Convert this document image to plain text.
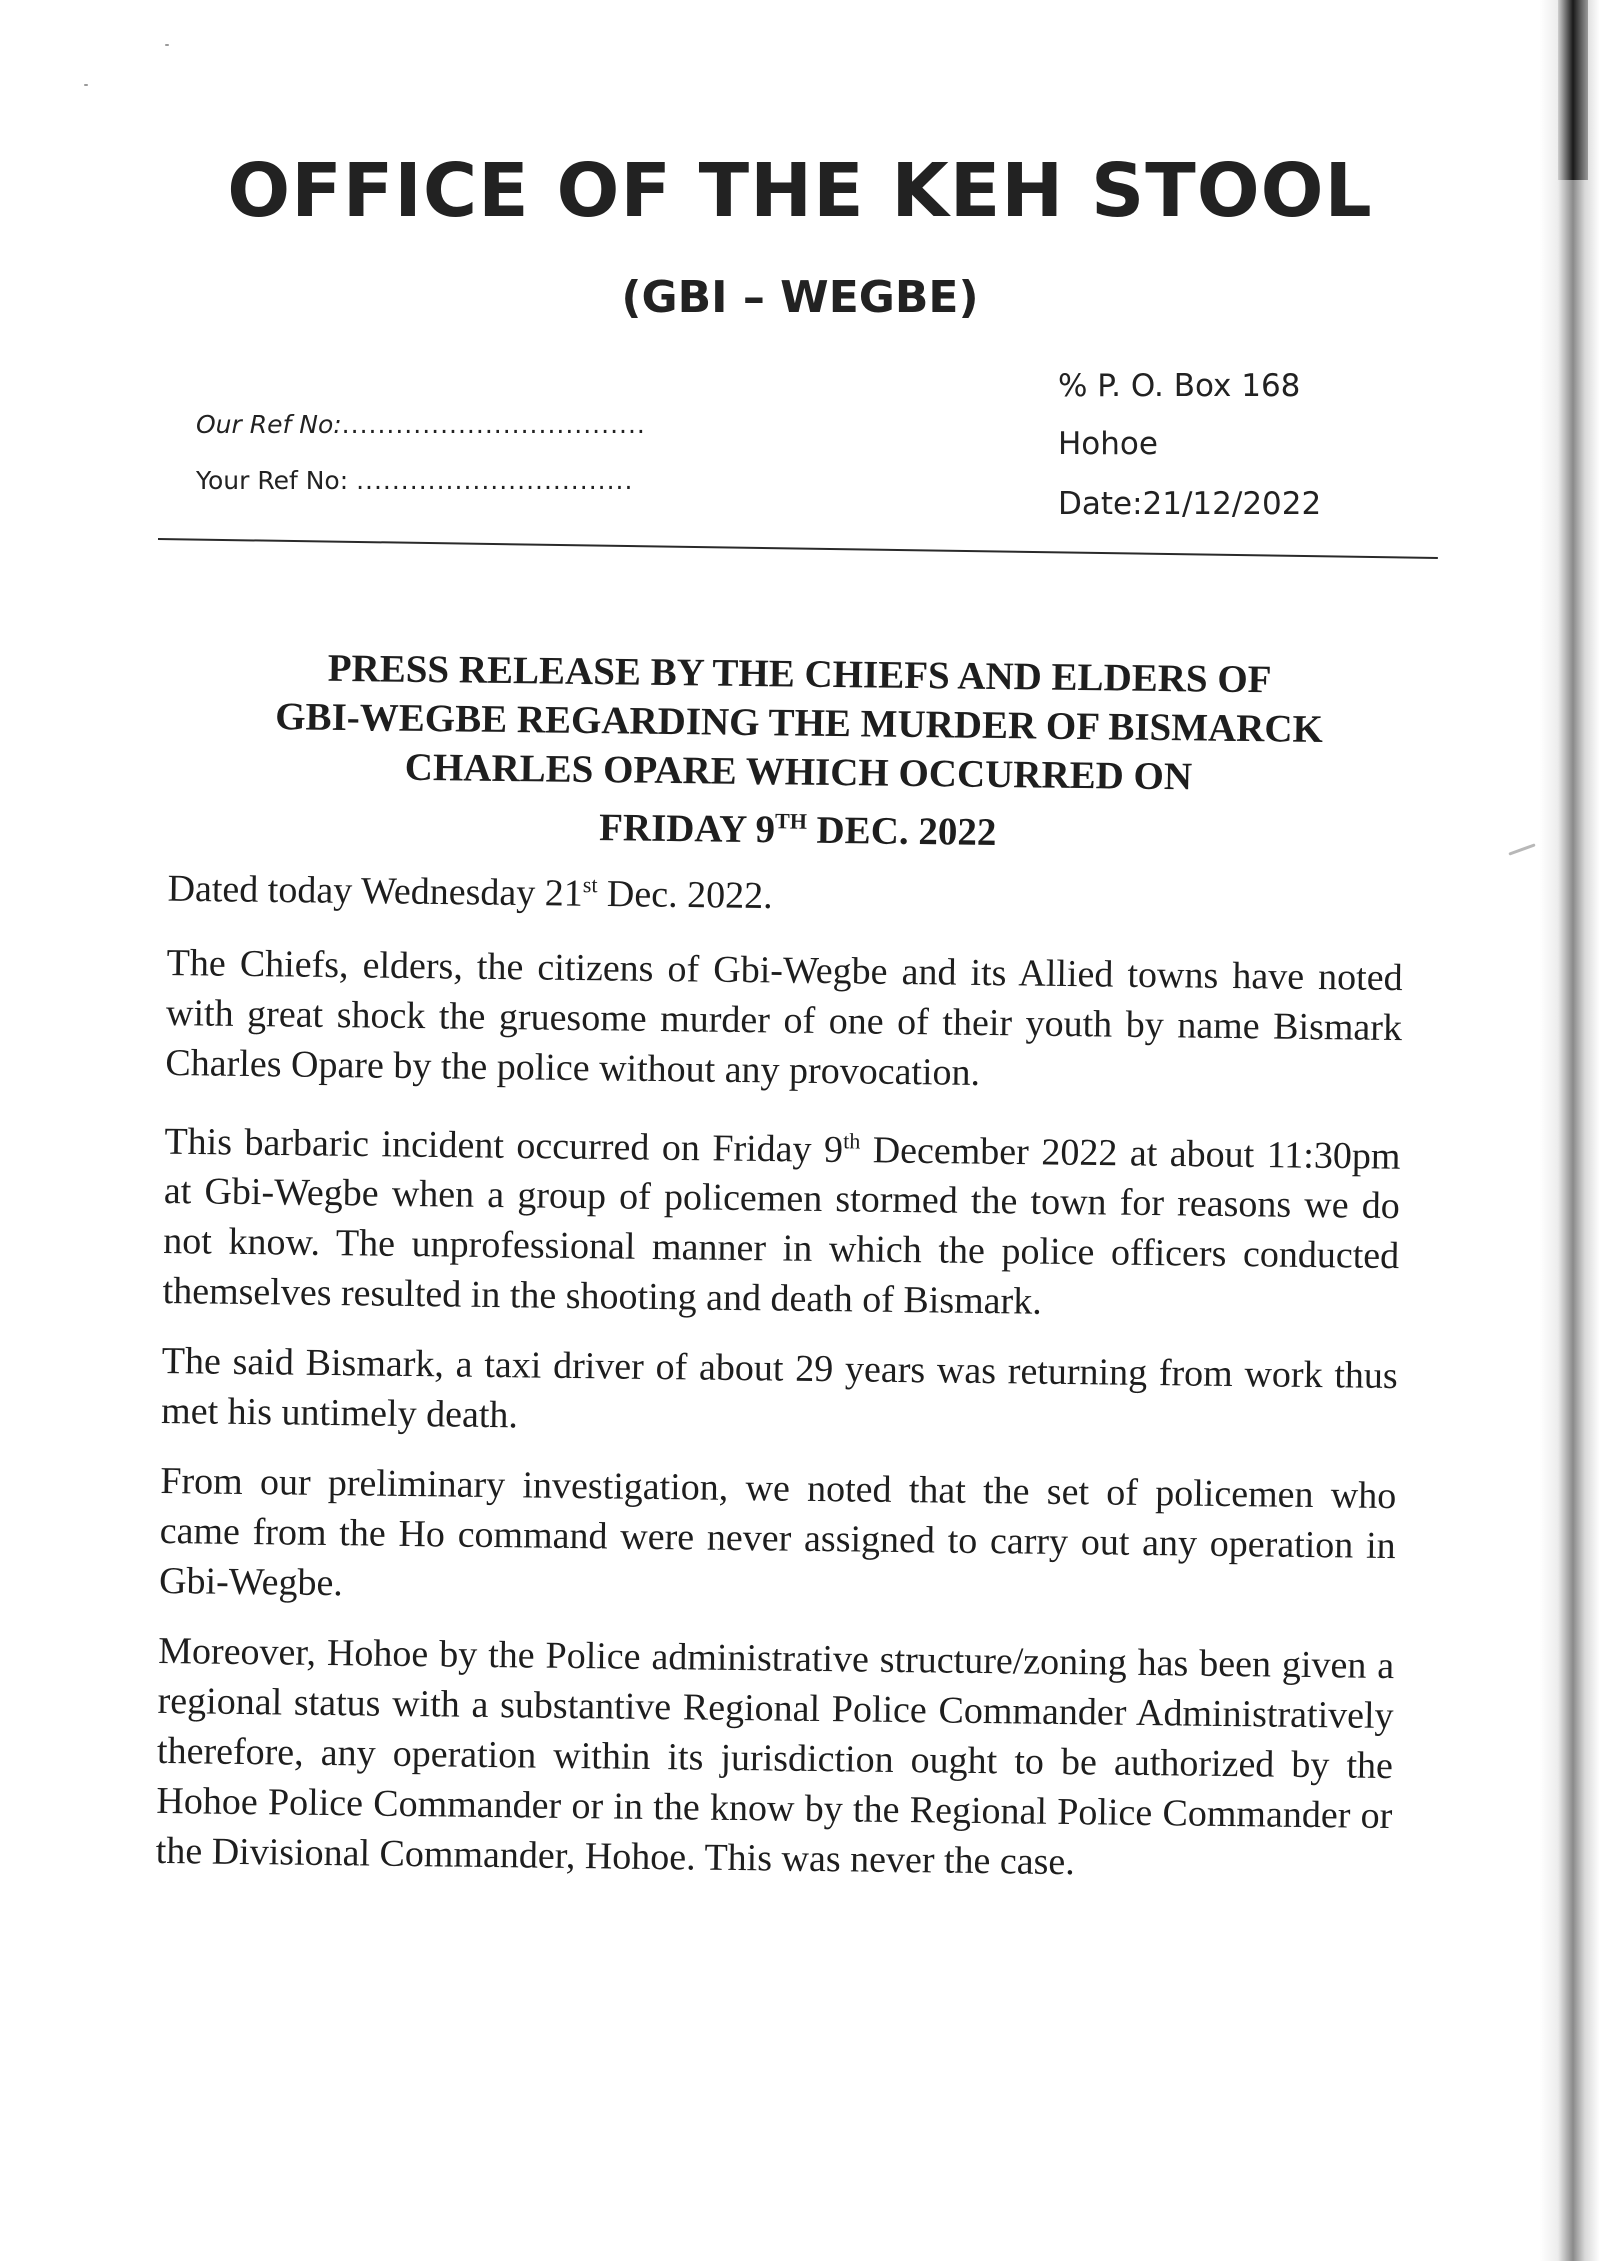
OFFICE OF THE KEH STOOL
(GBI – WEGBE)
Our Ref No:..................................
Your Ref No: ...............................
% P. O. Box 168
Hohoe
Date:21/12/2022
PRESS RELEASE BY THE CHIEFS AND ELDERS OF
GBI-WEGBE REGARDING THE MURDER OF BISMARCK
CHARLES OPARE WHICH OCCURRED ON
FRIDAY 9TH DEC. 2022

Dated today Wednesday 21st Dec. 2022.

The Chiefs, elders, the citizens of Gbi-Wegbe and its Allied towns have noted with great shock the gruesome murder of one of their youth by name Bismark Charles Opare by the police without any provocation.

This barbaric incident occurred on Friday 9th December 2022 at about 11:30pm at Gbi-Wegbe when a group of policemen stormed the town for reasons we do not know. The unprofessional manner in which the police officers conducted themselves resulted in the shooting and death of Bismark.

The said Bismark, a taxi driver of about 29 years was returning from work thus met his untimely death.

From our preliminary investigation, we noted that the set of policemen who came from the Ho command were never assigned to carry out any operation in Gbi-Wegbe.

Moreover, Hohoe by the Police administrative structure/zoning has been given a regional status with a substantive Regional Police Commander Administratively therefore, any operation within its jurisdiction ought to be authorized by the Hohoe Police Commander or in the know by the Regional Police Commander or the Divisional Commander, Hohoe. This was never the case.
